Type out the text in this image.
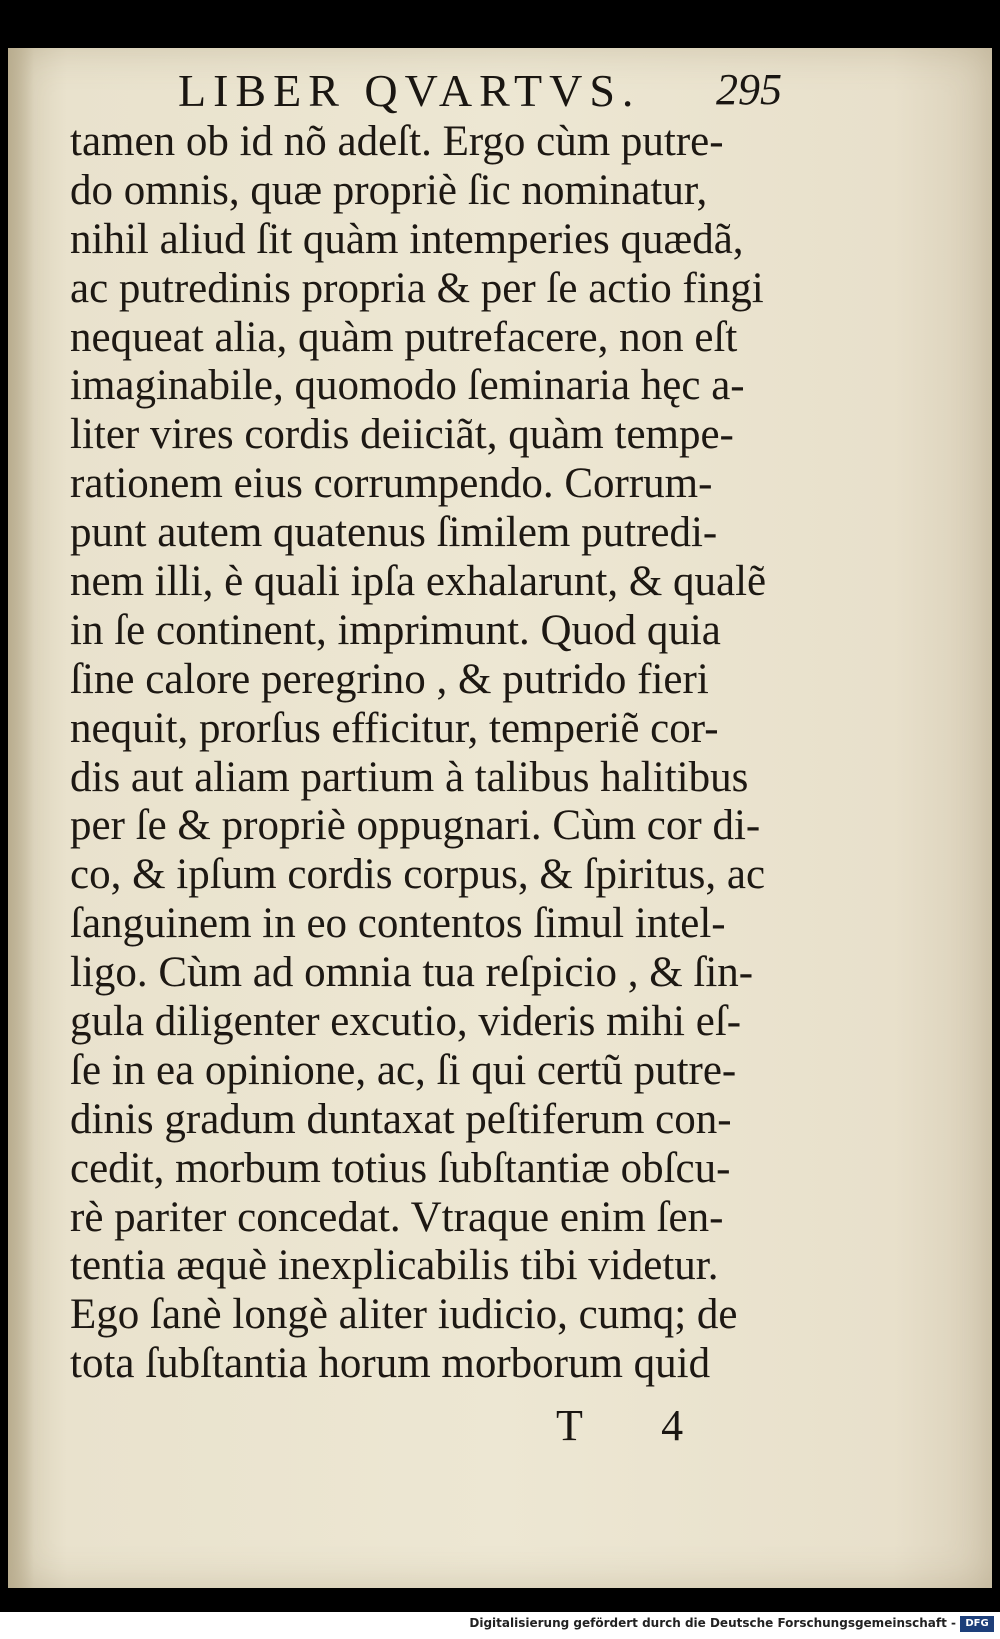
LIBER QVARTVS. 295
tamen ob id nõ adeſt. Ergo cùm putre-
do omnis, quæ propriè ſic nominatur,
nihil aliud ſit quàm intemperies quædã,
ac putredinis propria & per ſe actio fingi
nequeat alia, quàm putrefacere, non eſt
imaginabile, quomodo ſeminaria hęc a-
liter vires cordis deiiciãt, quàm tempe-
rationem eius corrumpendo. Corrum-
punt autem quatenus ſimilem putredi-
nem illi, è quali ipſa exhalarunt, & qualẽ
in ſe continent, imprimunt. Quod quia
ſine calore peregrino , & putrido fieri
nequit, prorſus efficitur, temperiẽ cor-
dis aut aliam partium à talibus halitibus
per ſe & propriè oppugnari. Cùm cor di-
co, & ipſum cordis corpus, & ſpiritus, ac
ſanguinem in eo contentos ſimul intel-
ligo. Cùm ad omnia tua reſpicio , & ſin-
gula diligenter excutio, videris mihi eſ-
ſe in ea opinione, ac, ſi qui certũ putre-
dinis gradum duntaxat peſtiferum con-
cedit, morbum totius ſubſtantiæ obſcu-
rè pariter concedat. Vtraque enim ſen-
tentia æquè inexplicabilis tibi videtur.
Ego ſanè longè aliter iudicio, cumq; de
tota ſubſtantia horum morborum quid
T 4
Digitalisierung gefördert durch die Deutsche Forschungsgemeinschaft - DFG
